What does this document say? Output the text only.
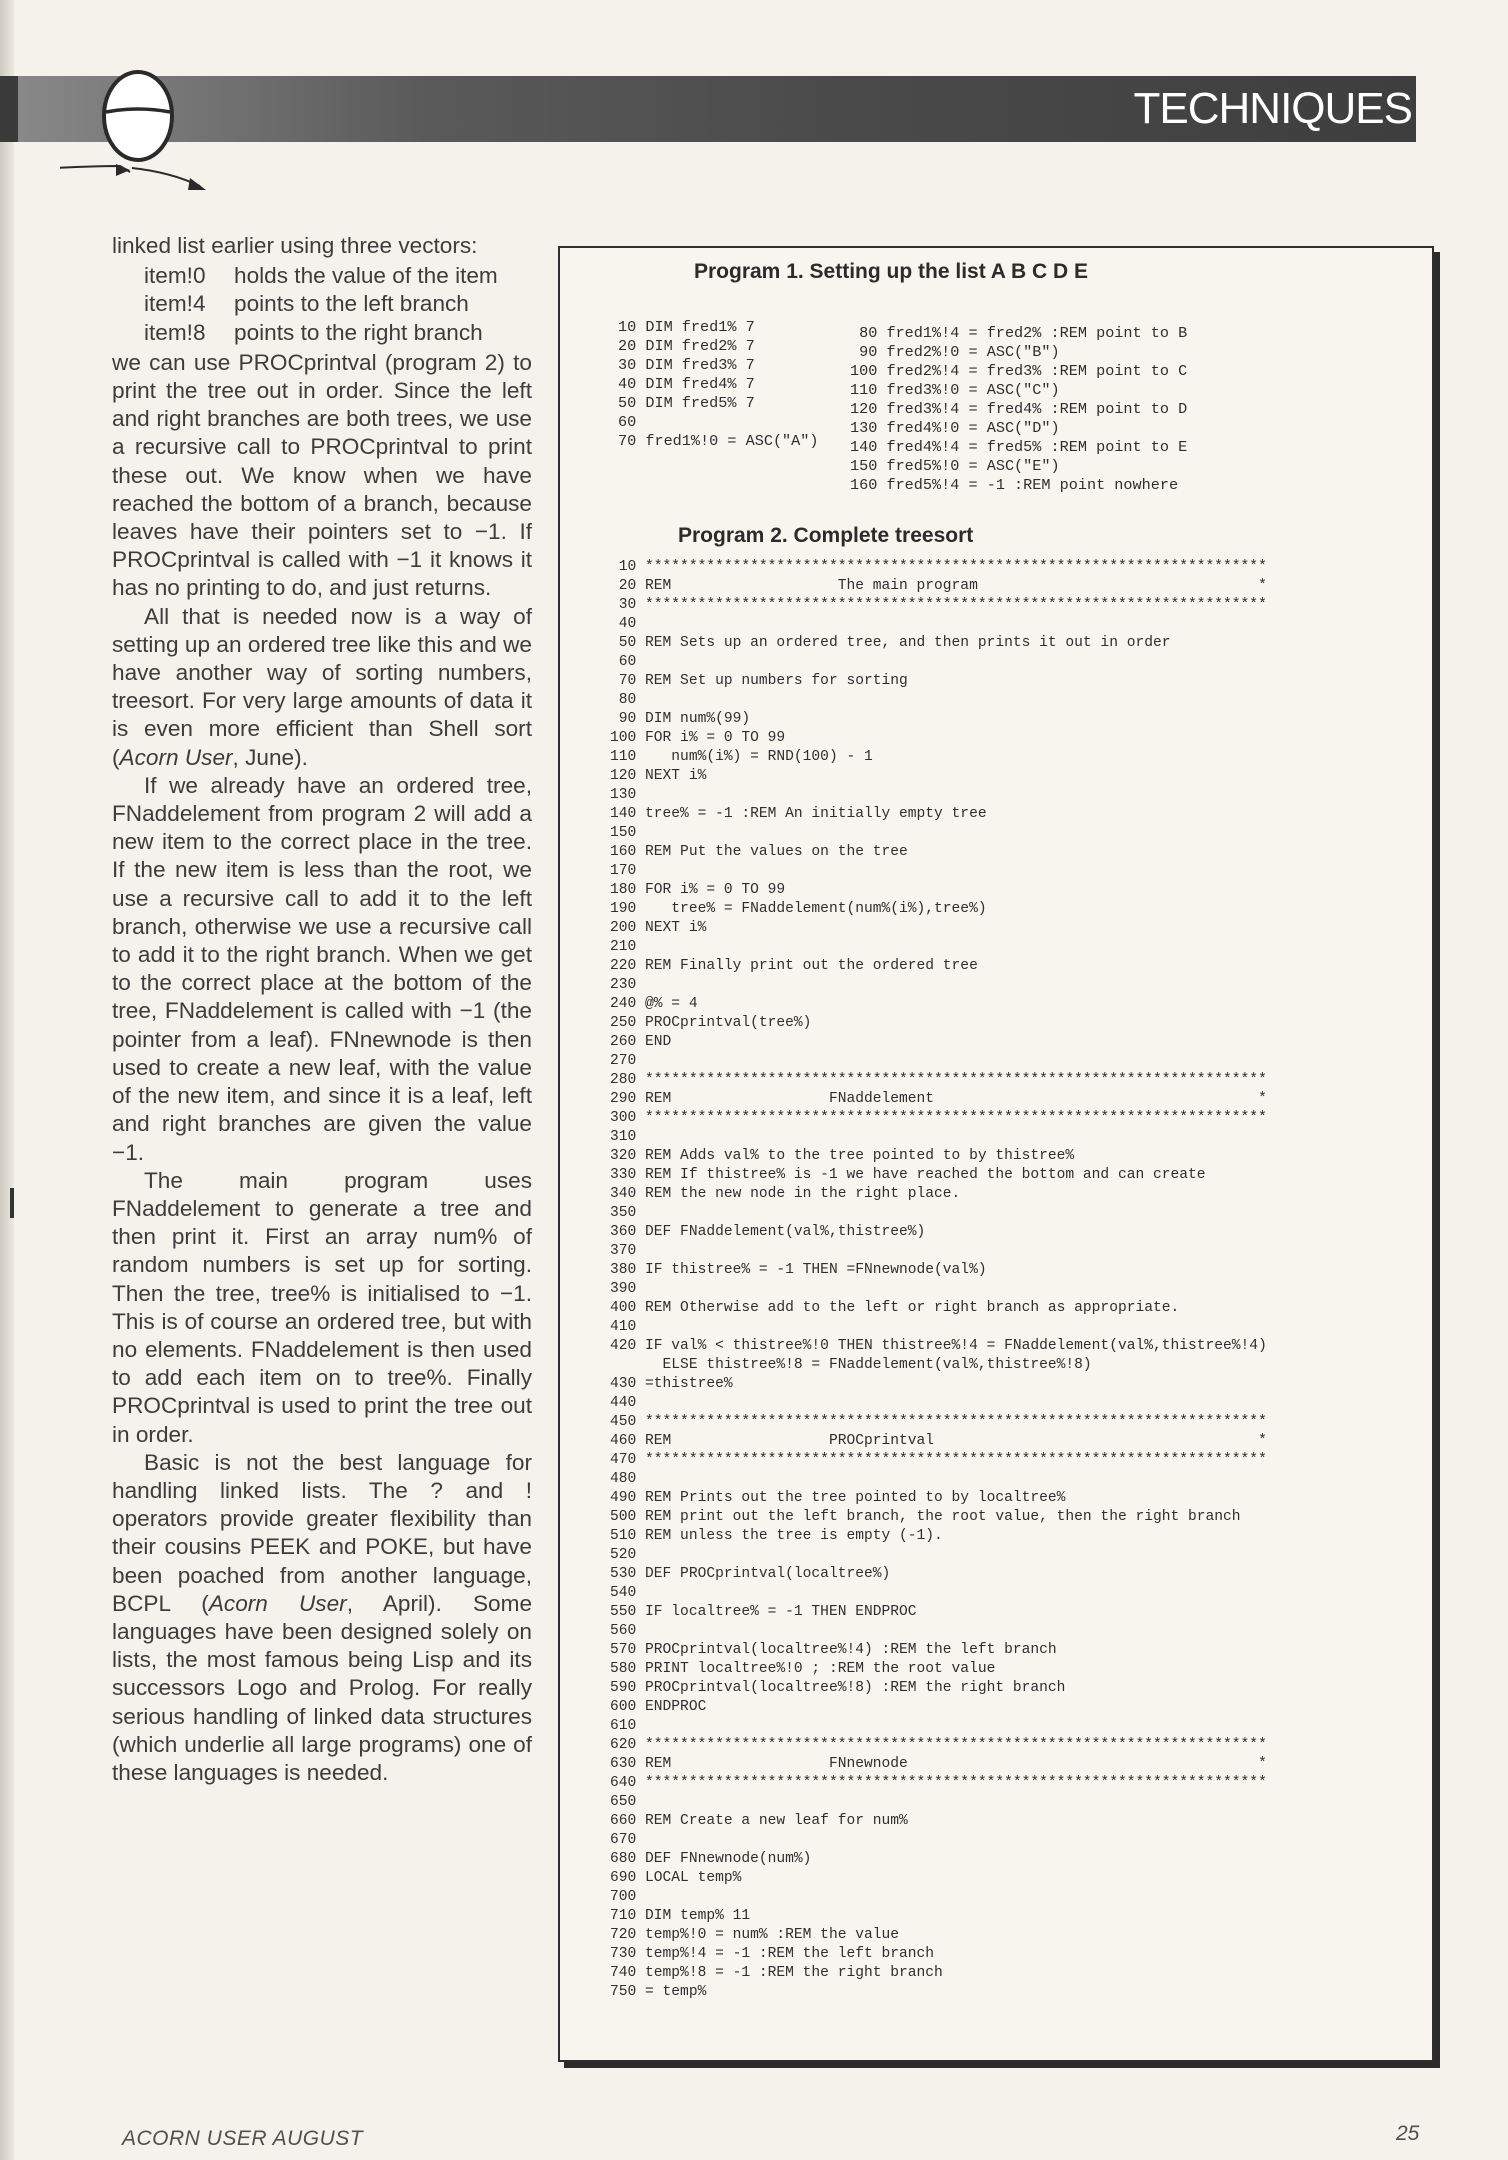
TECHNIQUES

linked list earlier using three vectors:

item!0	holds the value of the item
item!4	points to the left branch
item!8	points to the right branch

we can use PROCprintval (program 2) to print the tree out in order. Since the left and right branches are both trees, we use a recursive call to PROCprintval to print these out. We know when we have reached the bottom of a branch, because leaves have their pointers set to −1. If PROCprintval is called with −1 it knows it has no printing to do, and just returns.

All that is needed now is a way of setting up an ordered tree like this and we have another way of sorting numbers, treesort. For very large amounts of data it is even more efficient than Shell sort (Acorn User, June).

If we already have an ordered tree, FNaddelement from program 2 will add a new item to the correct place in the tree. If the new item is less than the root, we use a recursive call to add it to the left branch, otherwise we use a recursive call to add it to the right branch. When we get to the correct place at the bottom of the tree, FNaddelement is called with −1 (the pointer from a leaf). FNnewnode is then used to create a new leaf, with the value of the new item, and since it is a leaf, left and right branches are given the value −1.

The main program uses FNaddelement to generate a tree and then print it. First an array num% of random numbers is set up for sorting. Then the tree, tree% is initialised to −1. This is of course an ordered tree, but with no elements. FNaddelement is then used to add each item on to tree%. Finally PROCprintval is used to print the tree out in order.

Basic is not the best language for handling linked lists. The ? and ! operators provide greater flexibility than their cousins PEEK and POKE, but have been poached from another language, BCPL (Acorn User, April). Some languages have been designed solely on lists, the most famous being Lisp and its successors Logo and Prolog. For really serious handling of linked data structures (which underlie all large programs) one of these languages is needed.

Program 1. Setting up the list A B C D E
10 DIM fred1% 7
20 DIM fred2% 7
30 DIM fred3% 7
40 DIM fred4% 7
50 DIM fred5% 7
60
70 fred1%!0 = ASC("A")
80 fred1%!4 = fred2% :REM point to B
90 fred2%!0 = ASC("B")
100 fred2%!4 = fred3% :REM point to C
110 fred3%!0 = ASC("C")
120 fred3%!4 = fred4% :REM point to D
130 fred4%!0 = ASC("D")
140 fred4%!4 = fred5% :REM point to E
150 fred5%!0 = ASC("E")
160 fred5%!4 = -1 :REM point nowhere
Program 2. Complete treesort
10 ***********************************************************************
20 REM                   The main program                                *
30 ***********************************************************************
40
50 REM Sets up an ordered tree, and then prints it out in order
60
70 REM Set up numbers for sorting
80
90 DIM num%(99)
100 FOR i% = 0 TO 99
110    num%(i%) = RND(100) - 1
120 NEXT i%
130
140 tree% = -1 :REM An initially empty tree
150
160 REM Put the values on the tree
170
180 FOR i% = 0 TO 99
190    tree% = FNaddelement(num%(i%),tree%)
200 NEXT i%
210
220 REM Finally print out the ordered tree
230
240 @% = 4
250 PROCprintval(tree%)
260 END
270
280 ***********************************************************************
290 REM                  FNaddelement                                     *
300 ***********************************************************************
310
320 REM Adds val% to the tree pointed to by thistree%
330 REM If thistree% is -1 we have reached the bottom and can create
340 REM the new node in the right place.
350
360 DEF FNaddelement(val%,thistree%)
370
380 IF thistree% = -1 THEN =FNnewnode(val%)
390
400 REM Otherwise add to the left or right branch as appropriate.
410
420 IF val% < thistree%!0 THEN thistree%!4 = FNaddelement(val%,thistree%!4)
ELSE thistree%!8 = FNaddelement(val%,thistree%!8)
430 =thistree%
440
450 ***********************************************************************
460 REM                  PROCprintval                                     *
470 ***********************************************************************
480
490 REM Prints out the tree pointed to by localtree%
500 REM print out the left branch, the root value, then the right branch
510 REM unless the tree is empty (-1).
520
530 DEF PROCprintval(localtree%)
540
550 IF localtree% = -1 THEN ENDPROC
560
570 PROCprintval(localtree%!4) :REM the left branch
580 PRINT localtree%!0 ; :REM the root value
590 PROCprintval(localtree%!8) :REM the right branch
600 ENDPROC
610
620 ***********************************************************************
630 REM                  FNnewnode                                        *
640 ***********************************************************************
650
660 REM Create a new leaf for num%
670
680 DEF FNnewnode(num%)
690 LOCAL temp%
700
710 DIM temp% 11
720 temp%!0 = num% :REM the value
730 temp%!4 = -1 :REM the left branch
740 temp%!8 = -1 :REM the right branch
750 = temp%
ACORN USER AUGUST	25
